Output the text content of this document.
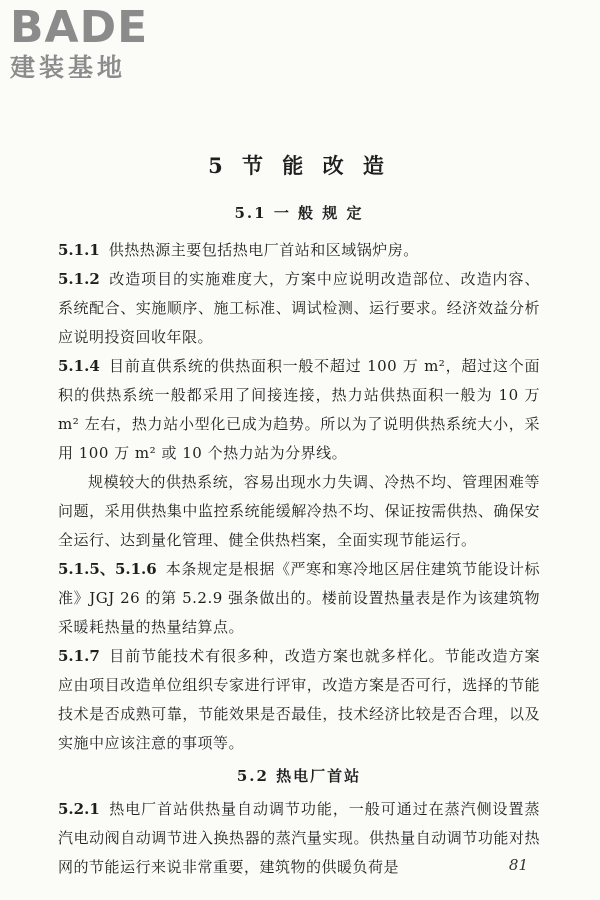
BADE
建装基地
5 节 能 改 造
5.1 一 般 规 定

5.1.1 供热热源主要包括热电厂首站和区域锅炉房。

5.1.2 改造项目的实施难度大，方案中应说明改造部位、改造内容、系统配合、实施顺序、施工标准、调试检测、运行要求。经济效益分析应说明投资回收年限。

5.1.4 目前直供系统的供热面积一般不超过 100 万 m²，超过这个面积的供热系统一般都采用了间接连接，热力站供热面积一般为 10 万 m² 左右，热力站小型化已成为趋势。所以为了说明供热系统大小，采用 100 万 m² 或 10 个热力站为分界线。

规模较大的供热系统，容易出现水力失调、冷热不均、管理困难等问题，采用供热集中监控系统能缓解冷热不均、保证按需供热、确保安全运行、达到量化管理、健全供热档案，全面实现节能运行。

5.1.5、5.1.6 本条规定是根据《严寒和寒冷地区居住建筑节能设计标准》JGJ 26 的第 5.2.9 强条做出的。楼前设置热量表是作为该建筑物采暖耗热量的热量结算点。

5.1.7 目前节能技术有很多种，改造方案也就多样化。节能改造方案应由项目改造单位组织专家进行评审，改造方案是否可行，选择的节能技术是否成熟可靠，节能效果是否最佳，技术经济比较是否合理，以及实施中应该注意的事项等。

5.2 热电厂首站

5.2.1 热电厂首站供热量自动调节功能，一般可通过在蒸汽侧设置蒸汽电动阀自动调节进入换热器的蒸汽量实现。供热量自动调节功能对热网的节能运行来说非常重要，建筑物的供暖负荷是	81
